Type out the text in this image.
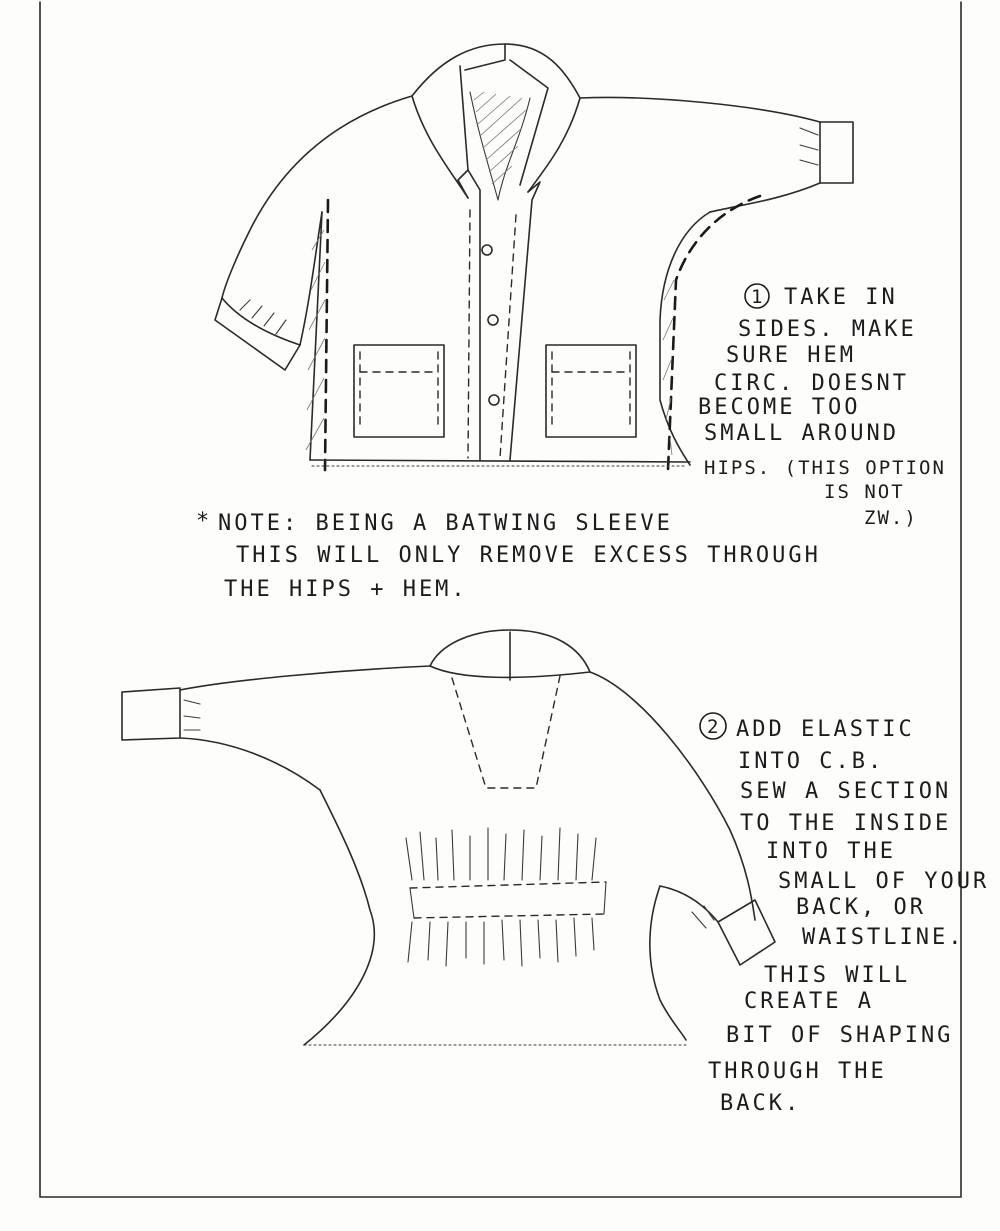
* NOTE: BEING A BATWING SLEEVE
THIS WILL ONLY REMOVE EXCESS THROUGH
THE HIPS + HEM.
1 TAKE IN
SIDES. MAKE
SURE HEM
CIRC. DOESNT
BECOME TOO
SMALL AROUND
HIPS. (THIS OPTION
IS NOT
ZW.)
2 ADD ELASTIC
INTO C.B.
SEW A SECTION
TO THE INSIDE
INTO THE
SMALL OF YOUR
BACK, OR
WAISTLINE.
THIS WILL
CREATE A
BIT OF SHAPING
THROUGH THE
BACK.
